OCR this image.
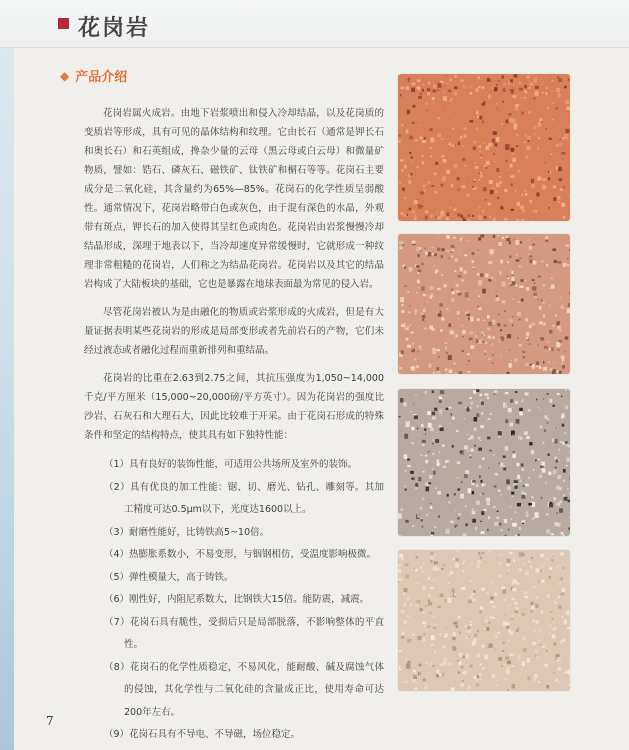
花岗岩
◆ 产品介绍

花岗岩属火成岩。由地下岩浆喷出和侵入冷却结晶，以及花岗质的变质岩等形成，具有可见的晶体结构和纹理。它由长石（通常是钾长石和奥长石）和石英组成，搀杂少量的云母（黑云母或白云母）和微量矿物质，譬如：锆石、磷灰石、磁铁矿、钛铁矿和榍石等等。花岗石主要成分是二氧化硅，其含量约为65%—85%。花岗石的化学性质呈弱酸性。通常情况下，花岗岩略带白色或灰色，由于混有深色的水晶，外观带有斑点，钾长石的加入使得其呈红色或肉色。花岗岩由岩浆慢慢冷却结晶形成，深埋于地表以下，当冷却速度异常缓慢时，它就形成一种纹理非常粗糙的花岗岩，人们称之为结晶花岗岩。花岗岩以及其它的结晶岩构成了大陆板块的基础，它也是暴露在地球表面最为常见的侵入岩。

尽管花岗岩被认为是由融化的物质或岩浆形成的火成岩，但是有大量证据表明某些花岗岩的形成是局部变形或者先前岩石的产物，它们未经过液态或者融化过程而重新排列和重结晶。

花岗岩的比重在2.63到2.75之间，其抗压强度为1,050~14,000千克/平方厘米（15,000~20,000磅/平方英寸）。因为花岗岩的强度比沙岩、石灰石和大理石大，因此比较难于开采。由于花岗石形成的特殊条件和坚定的结构特点，使其具有如下独特性能：

（1）具有良好的装饰性能，可适用公共场所及室外的装饰。

（2）具有优良的加工性能：锯、切、磨光、钻孔、雕刻等。其加工精度可达0.5μm以下，光度达1600以上。

（3）耐磨性能好，比铸铁高5~10倍。

（4）热膨胀系数小，不易变形，与铟钢相仿，受温度影响极微。

（5）弹性模量大，高于铸铁。

（6）刚性好，内阻尼系数大，比钢铁大15倍。能防震，减震。

（7）花岗石具有脆性，受损后只是局部脱落，不影响整体的平直性。

（8）花岗石的化学性质稳定，不易风化，能耐酸、碱及腐蚀气体的侵蚀，其化学性与二氧化硅的含量成正比，使用寿命可达200年左右。

（9）花岗石具有不导电、不导磁，场位稳定。

7
